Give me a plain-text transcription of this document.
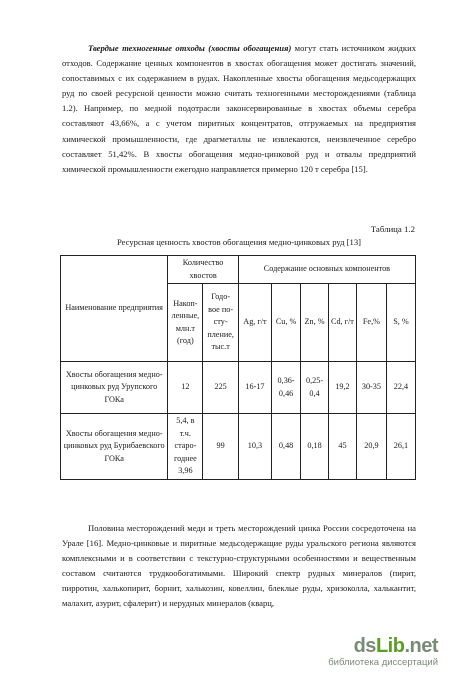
Твердые техногенные отходы (хвосты обогащения) могут стать источником жидких отходов. Содержание ценных компонентов в хвостах обогащения может достигать значений, сопоставимых с их содержанием в рудах. Накопленные хвосты обогащения медьсодержащих руд по своей ресурсной ценности можно считать техногенными месторождениями (таблица 1.2). Например, по медной подотрасли законсервированные в хвостах объемы серебра составляют 43,66%, а с учетом пиритных концентратов, отгружаемых на предприятия химической промышленности, где драгметаллы не извлекаются, неизвлеченное серебро составляет 51,42%. В хвосты обогащения медно-цинковой руд и отвалы предприятий химической промышленности ежегодно направляется примерно 120 т серебра [15].

Таблица 1.2
Ресурсная ценность хвостов обогащения медно-цинковых руд [13]
Наименование предприятия	Количество хвостов		Содержание основных компонентов					
	Накоп-ленные, млн.т (год)	Годо-вое по-сту-пление, тыс.т	Ag, г/т	Cu, %	Zn, %	Cd, г/т	Fe,%	S, %
Хвосты обогащения медно-цинковых руд Урупского ГОКа	12	225	16-17	0,36-0,46	0,25-0,4	19,2	30-35	22,4
Хвосты обогащения медно-цинковых руд Бурибаевского ГОКа	5,4, в т.ч. старо-годнее 3,96	99	10,3	0,48	0,18	45	20,9	26,1

Половина месторождений меди и треть месторождений цинка России сосредоточена на Урале [16]. Медно-цинковые и пиритные медьсодержащие руды уральского региона являются комплексными и в соответствии с текстурно-структурными особенностями и вещественным составом считаются трудкообогатимыми. Широкий спектр рудных минералов (пирит, пирротин, халькопирит, борнит, халькозин, ковеллин, блеклые руды, хризоколла, халькантит, малахит, азурит, сфалерит) и нерудных минералов (кварц,

dsLib.net
библиотека диссертаций
